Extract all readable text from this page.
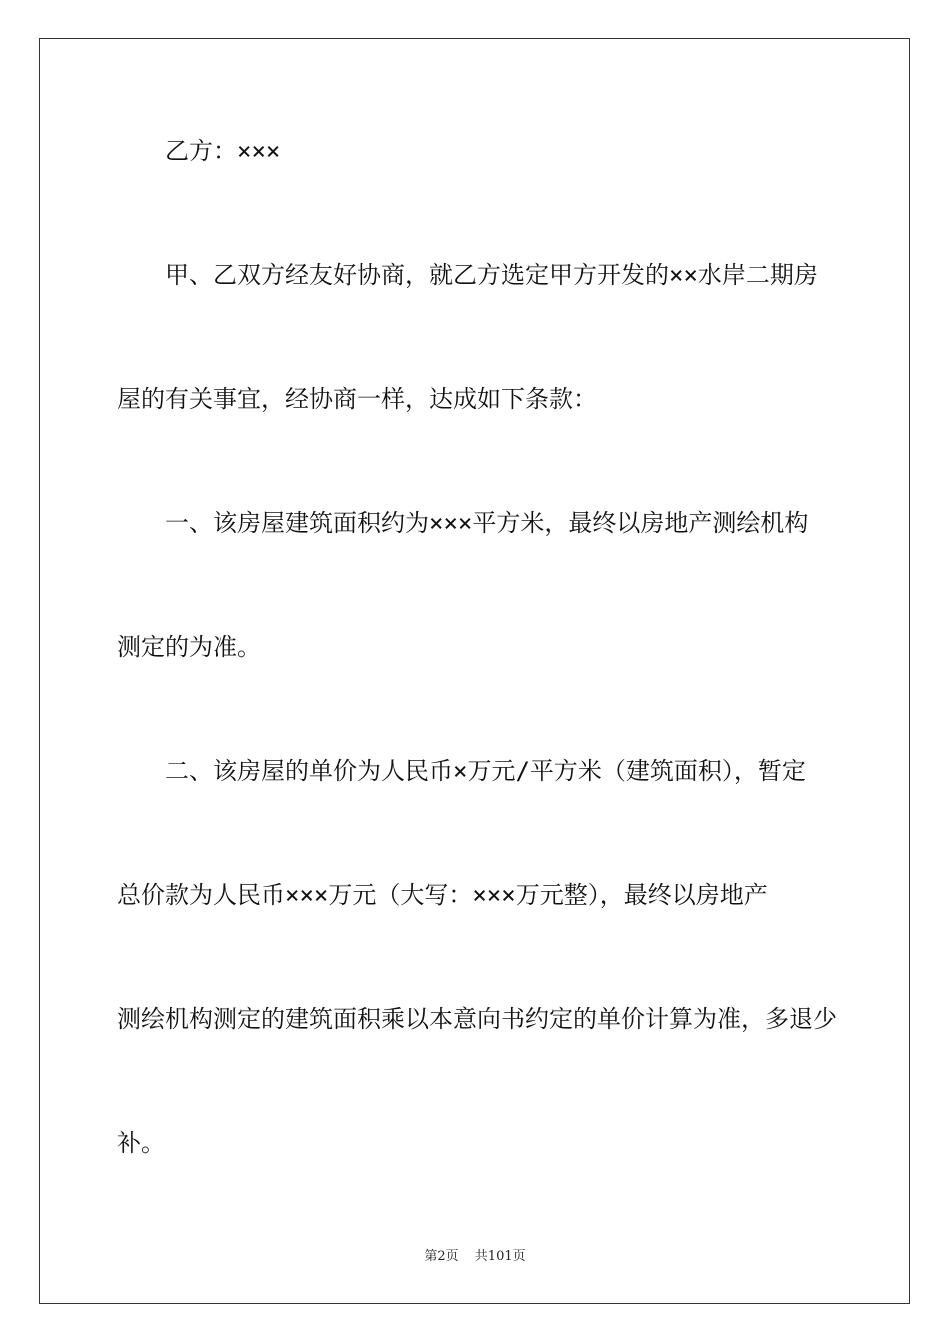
乙方：×××
甲、乙双方经友好协商，就乙方选定甲方开发的××水岸二期房
屋的有关事宜，经协商一样，达成如下条款：
一、该房屋建筑面积约为×××平方米，最终以房地产测绘机构
测定的为准。
二、该房屋的单价为人民币×万元/平方米（建筑面积），暂定
总价款为人民币×××万元（大写：×××万元整），最终以房地产
测绘机构测定的建筑面积乘以本意向书约定的单价计算为准，多退少
补。
第2页 共101页
